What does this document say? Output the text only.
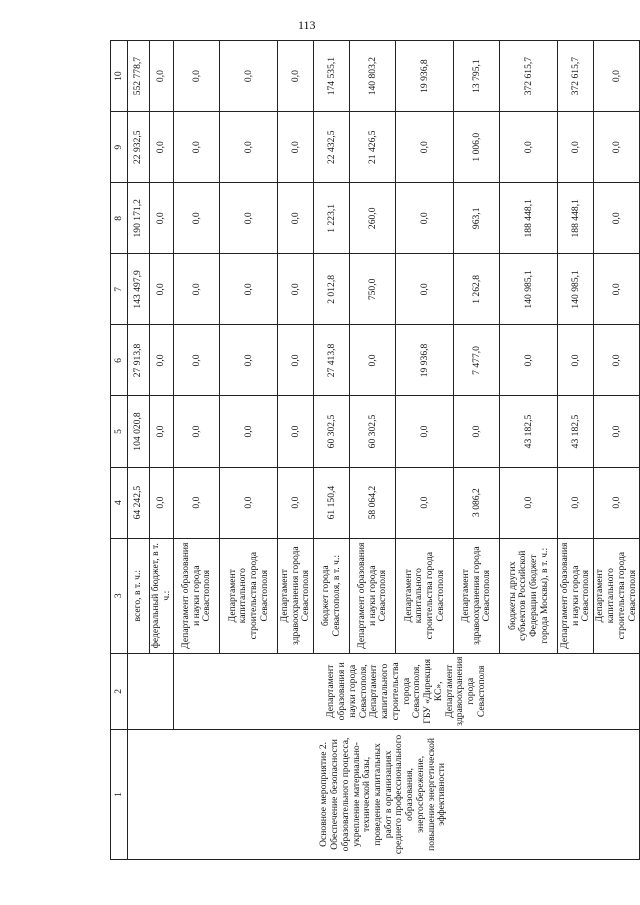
113
1	2	3	4	5	6	7	8	9	10
Основное мероприятие 2. Обеспечение безопасности образовательного процесса, укрепление материально-технической базы, проведение капитальных работ в организациях среднего профессионального образования, энергосбережение, повышение энергетической эффективности		всего, в т. ч.:	64 242,5	104 020,8	27 913,8	143 497,9	190 171,2	22 932,5	552 778,7
		федеральный бюджет, в т. ч.:	0,0	0,0	0,0	0,0	0,0	0,0	0,0
	Департамент образования и науки города Севастополя, Департамент капитального строительства города Севастополя, ГБУ «Дирекция КС», Департамент здравоохранения города Севастополя	Департамент образования и науки города Севастополя	0,0	0,0	0,0	0,0	0,0	0,0	0,0
		Департамент капитального строительства города Севастополя	0,0	0,0	0,0	0,0	0,0	0,0	0,0
		Департамент здравоохранения города Севастополя	0,0	0,0	0,0	0,0	0,0	0,0	0,0
		бюджет города Севастополя, в т. ч.:	61 150,4	60 302,5	27 413,8	2 012,8	1 223,1	22 432,5	174 535,1
		Департамент образования и науки города Севастополя	58 064,2	60 302,5	0,0	750,0	260,0	21 426,5	140 803,2
		Департамент капитального строительства города Севастополя	0,0	0,0	19 936,8	0,0	0,0	0,0	19 936,8
		Департамент здравоохранения города Севастополя	3 086,2	0,0	7 477,0	1 262,8	963,1	1 006,0	13 795,1
		бюджеты других субъектов Российской Федерации (бюджет города Москвы), в т. ч.:	0,0	43 182,5	0,0	140 985,1	188 448,1	0,0	372 615,7
		Департамент образования и науки города Севастополя	0,0	43 182,5	0,0	140 985,1	188 448,1	0,0	372 615,7
		Департамент капитального строительства города Севастополя	0,0	0,0	0,0	0,0	0,0	0,0	0,0
